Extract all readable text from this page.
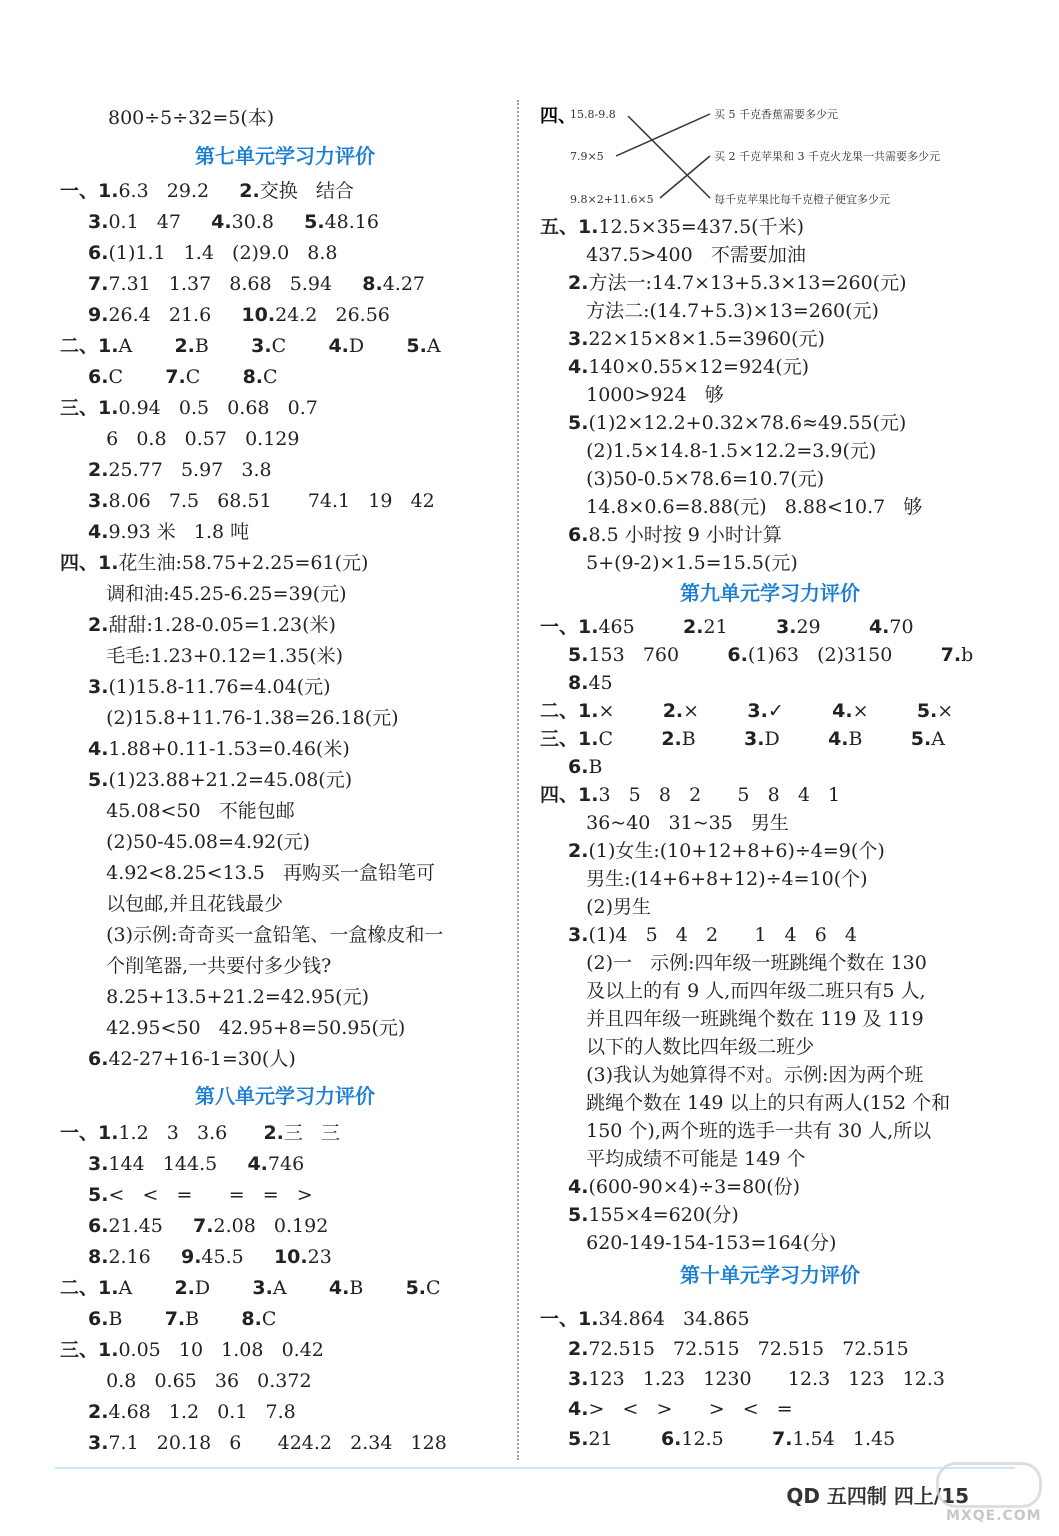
800÷5÷32=5(本)
第七单元学习力评价
一、1.6.3   29.2     2.交换   结合
3.0.1   47     4.30.8     5.48.16
6.(1)1.1   1.4   (2)9.0   8.8
7.7.31   1.37   8.68   5.94     8.4.27
9.26.4   21.6     10.24.2   26.56
二、1.A       2.B       3.C       4.D       5.A
6.C       7.C       8.C
三、1.0.94   0.5   0.68   0.7
6   0.8   0.57   0.129
2.25.77   5.97   3.8
3.8.06   7.5   68.51      74.1   19   42
4.9.93 米   1.8 吨
四、1.花生油:58.75+2.25=61(元)
调和油:45.25-6.25=39(元)
2.甜甜:1.28-0.05=1.23(米)
毛毛:1.23+0.12=1.35(米)
3.(1)15.8-11.76=4.04(元)
(2)15.8+11.76-1.38=26.18(元)
4.1.88+0.11-1.53=0.46(米)
5.(1)23.88+21.2=45.08(元)
45.08<50   不能包邮
(2)50-45.08=4.92(元)
4.92<8.25<13.5   再购买一盒铅笔可
以包邮,并且花钱最少
(3)示例:奇奇买一盒铅笔、一盒橡皮和一
个削笔器,一共要付多少钱?
8.25+13.5+21.2=42.95(元)
42.95<50   42.95+8=50.95(元)
6.42-27+16-1=30(人)
第八单元学习力评价
一、1.1.2   3   3.6      2.三   三
3.144   144.5     4.746
5.<   <   =      =   =   >
6.21.45     7.2.08   0.192
8.2.16     9.45.5     10.23
二、1.A       2.D       3.A       4.B       5.C
6.B       7.B       8.C
三、1.0.05   10   1.08   0.42
0.8   0.65   36   0.372
2.4.68   1.2   0.1   7.8
3.7.1   20.18   6      424.2   2.34   128
五、1.12.5×35=437.5(千米)
437.5>400   不需要加油
2.方法一:14.7×13+5.3×13=260(元)
方法二:(14.7+5.3)×13=260(元)
3.22×15×8×1.5=3960(元)
4.140×0.55×12=924(元)
1000>924   够
5.(1)2×12.2+0.32×78.6≈49.55(元)
(2)1.5×14.8-1.5×12.2=3.9(元)
(3)50-0.5×78.6=10.7(元)
14.8×0.6=8.88(元)   8.88<10.7   够
6.8.5 小时按 9 小时计算
5+(9-2)×1.5=15.5(元)
第九单元学习力评价
一、1.465        2.21        3.29        4.70
5.153   760        6.(1)63   (2)3150        7.b
8.45
二、1.×        2.×        3.✓        4.×        5.×
三、1.C        2.B        3.D        4.B        5.A
6.B
四、1.3   5   8   2      5   8   4   1
36~40   31~35   男生
2.(1)女生:(10+12+8+6)÷4=9(个)
男生:(14+6+8+12)÷4=10(个)
(2)男生
3.(1)4   5   4   2      1   4   6   4
(2)一   示例:四年级一班跳绳个数在 130
及以上的有 9 人,而四年级二班只有5 人,
并且四年级一班跳绳个数在 119 及 119
以下的人数比四年级二班少
(3)我认为她算得不对。示例:因为两个班
跳绳个数在 149 以上的只有两人(152 个和
150 个),两个班的选手一共有 30 人,所以
平均成绩不可能是 149 个
4.(600-90×4)÷3=80(份)
5.155×4=620(分)
620-149-154-153=164(分)
第十单元学习力评价
一、1.34.864   34.865
2.72.515   72.515   72.515   72.515
3.123   1.23   1230      12.3   123   12.3
4.>   <   >      >   <   =
5.21        6.12.5        7.1.54   1.45
四、
15.8-9.8
7.9×5
9.8×2+11.6×5
买 5 千克香蕉需要多少元
买 2 千克苹果和 3 千克火龙果一共需要多少元
每千克苹果比每千克橙子便宜多少元
QD 五四制 四上/15
MXQE.COM
